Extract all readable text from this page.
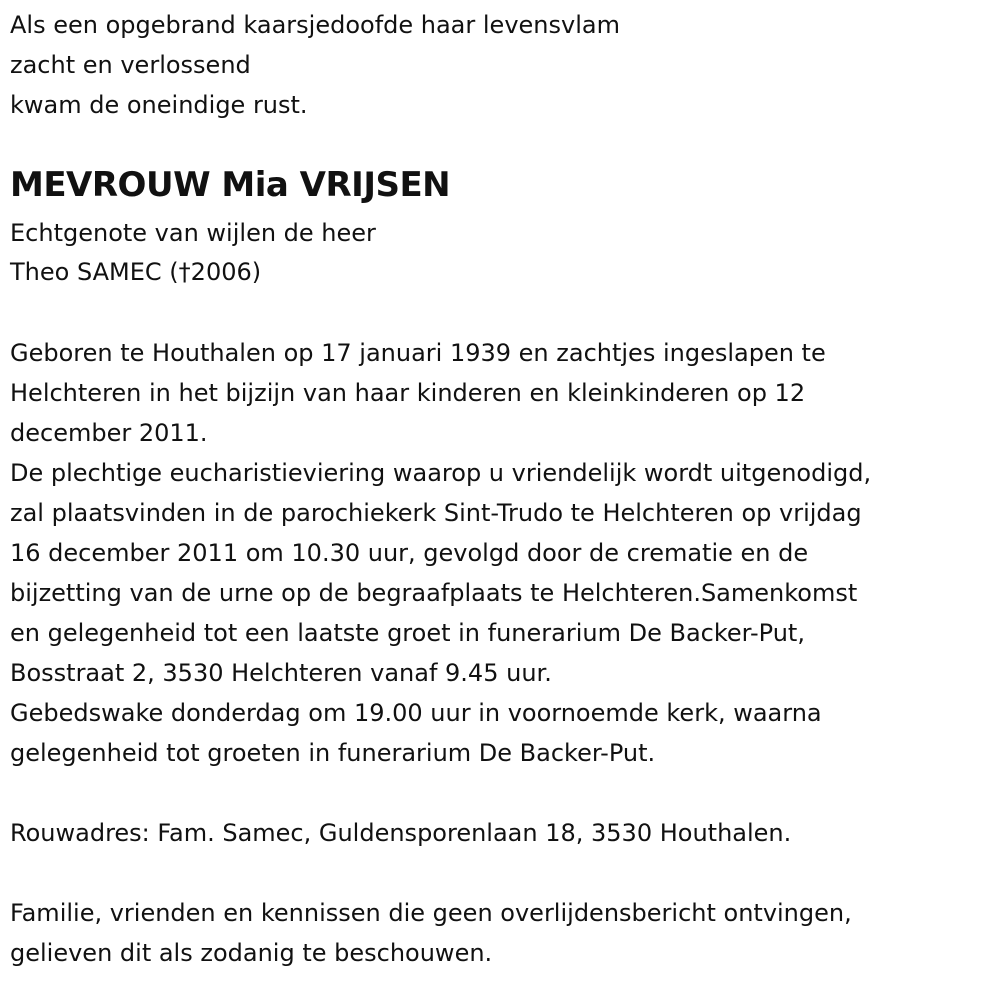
Als een opgebrand kaarsjedoofde haar levensvlam
zacht en verlossend
kwam de oneindige rust.
MEVROUW Mia VRIJSEN
Echtgenote van wijlen de heer
Theo SAMEC (†2006)
Geboren te Houthalen op 17 januari 1939 en zachtjes ingeslapen te
Helchteren in het bijzijn van haar kinderen en kleinkinderen op 12
december 2011.
De plechtige eucharistieviering waarop u vriendelijk wordt uitgenodigd,
zal plaatsvinden in de parochiekerk Sint-Trudo te Helchteren op vrijdag
16 december 2011 om 10.30 uur, gevolgd door de crematie en de
bijzetting van de urne op de begraafplaats te Helchteren.Samenkomst
en gelegenheid tot een laatste groet in funerarium De Backer-Put,
Bosstraat 2, 3530 Helchteren vanaf 9.45 uur.
Gebedswake donderdag om 19.00 uur in voornoemde kerk, waarna
gelegenheid tot groeten in funerarium De Backer-Put.
Rouwadres: Fam. Samec, Guldensporenlaan 18, 3530 Houthalen.
Familie, vrienden en kennissen die geen overlijdensbericht ontvingen,
gelieven dit als zodanig te beschouwen.
